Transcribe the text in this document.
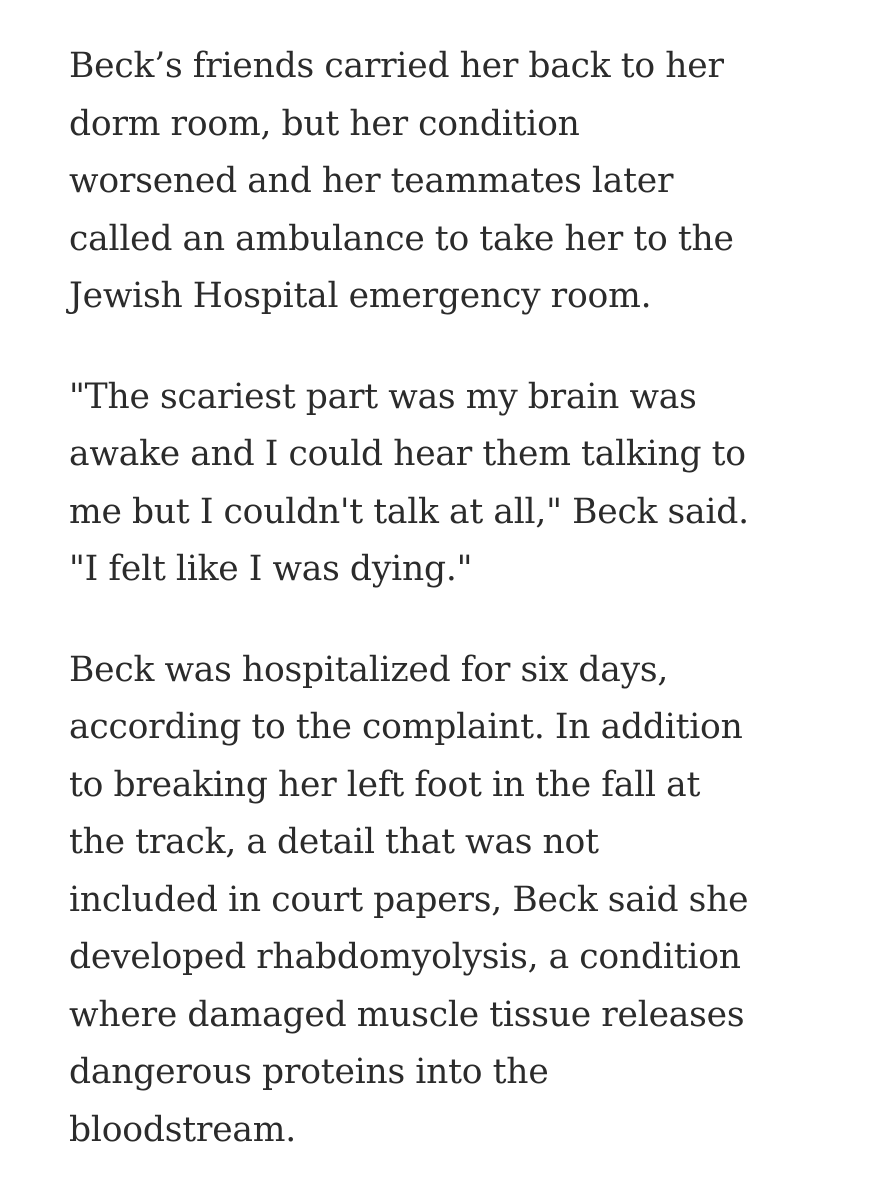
Beck’s friends carried her back to her
dorm room, but her condition
worsened and her teammates later
called an ambulance to take her to the
Jewish Hospital emergency room.

"The scariest part was my brain was
awake and I could hear them talking to
me but I couldn't talk at all," Beck said.
"I felt like I was dying."

Beck was hospitalized for six days,
according to the complaint. In addition
to breaking her left foot in the fall at
the track, a detail that was not
included in court papers, Beck said she
developed rhabdomyolysis, a condition
where damaged muscle tissue releases
dangerous proteins into the
bloodstream.
